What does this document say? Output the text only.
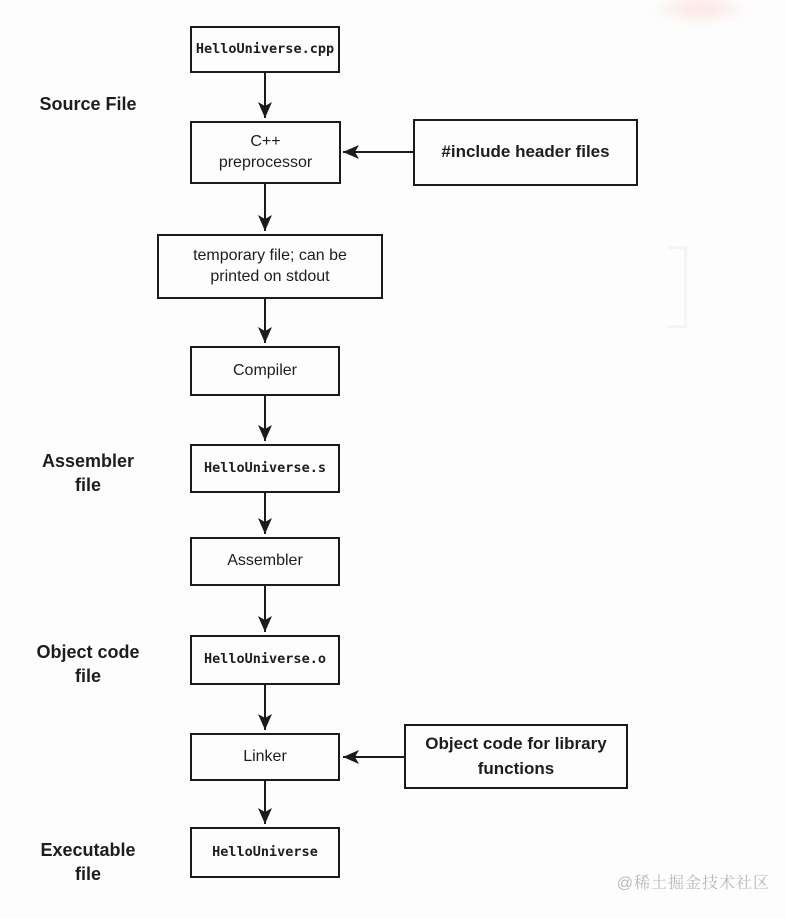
Source File
Assembler file
Object code file
Executable file
HelloUniverse.cpp
C++ preprocessor
temporary file; can be printed on stdout
Compiler
HelloUniverse.s
Assembler
HelloUniverse.o
Linker
HelloUniverse
#include header files
Object code for library functions
@稀土掘金技术社区
